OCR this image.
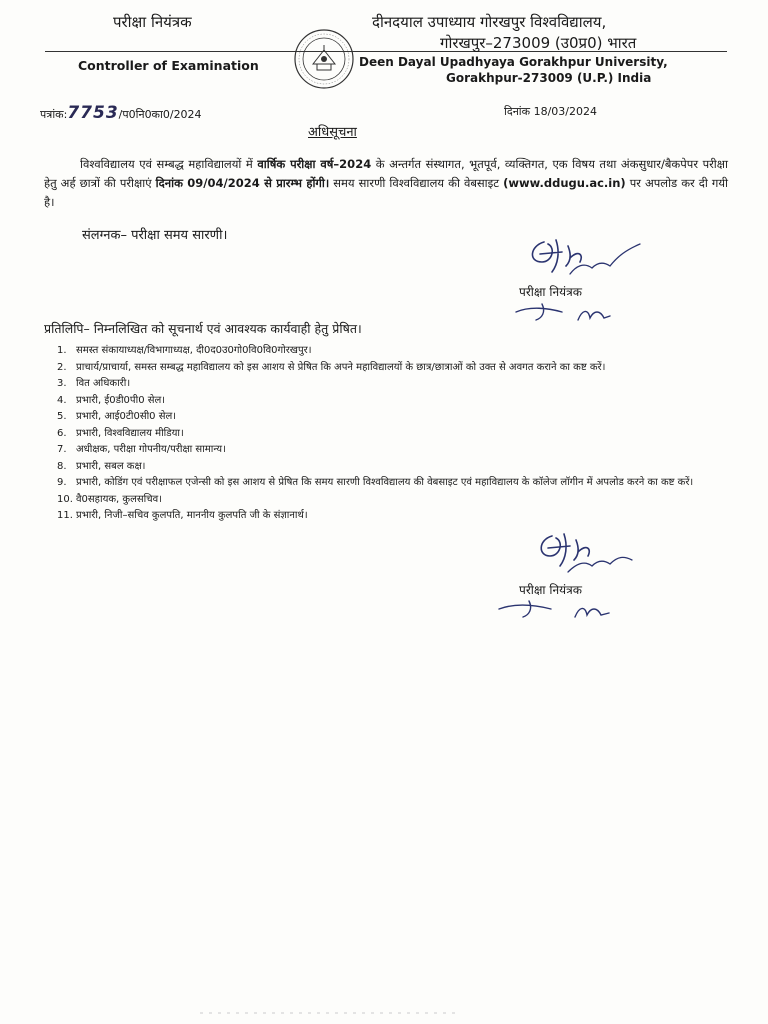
परीक्षा नियंत्रक
Controller of Examination
दीनदयाल उपाध्याय गोरखपुर विश्वविद्यालय,
गोरखपुर–273009 (उ0प्र0) भारत
Deen Dayal Upadhyaya Gorakhpur University,
Gorakhpur-273009 (U.P.) India
पत्रांक:7753/प0नि0का0/2024	दिनांक 18/03/2024
अधिसूचना
विश्वविद्यालय एवं सम्बद्ध महाविद्यालयों में वार्षिक परीक्षा वर्ष–2024 के अन्तर्गत संस्थागत, भूतपूर्व, व्यक्तिगत, एक विषय तथा अंकसुधार/बैकपेपर परीक्षा हेतु अर्ह छात्रों की परीक्षाएं दिनांक 09/04/2024 से प्रारम्भ होंगी। समय सारणी विश्वविद्यालय की वेबसाइट (www.ddugu.ac.in) पर अपलोड कर दी गयी है।
संलग्नक– परीक्षा समय सारणी।
परीक्षा नियंत्रक
प्रतिलिपि– निम्नलिखित को सूचनार्थ एवं आवश्यक कार्यवाही हेतु प्रेषित।
1. समस्त संकायाध्यक्ष/विभागाध्यक्ष, दी0द0उ0गो0वि0वि0गोरखपुर।
2. प्राचार्य/प्राचार्या, समस्त सम्बद्ध महाविद्यालय को इस आशय से प्रेषित कि अपने महाविद्यालयों के छात्र/छात्राओं को उक्त से अवगत कराने का कष्ट करें।
3. वित अधिकारी।
4. प्रभारी, ई0डी0पी0 सेल।
5. प्रभारी, आई0टी0सी0 सेल।
6. प्रभारी, विश्वविद्यालय मीडिया।
7. अधीक्षक, परीक्षा गोपनीय/परीक्षा सामान्य।
8. प्रभारी, सबल कक्ष।
9. प्रभारी, कोडिंग एवं परीक्षाफल एजेन्सी को इस आशय से प्रेषित कि समय सारणी विश्वविद्यालय की वेबसाइट एवं महाविद्यालय के कॉलेज लॉगीन में अपलोड करने का कष्ट करें।
10. वै0सहायक, कुलसचिव।
11. प्रभारी, निजी–सचिव कुलपति, माननीय कुलपति जी के संज्ञानार्थ।
परीक्षा नियंत्रक
